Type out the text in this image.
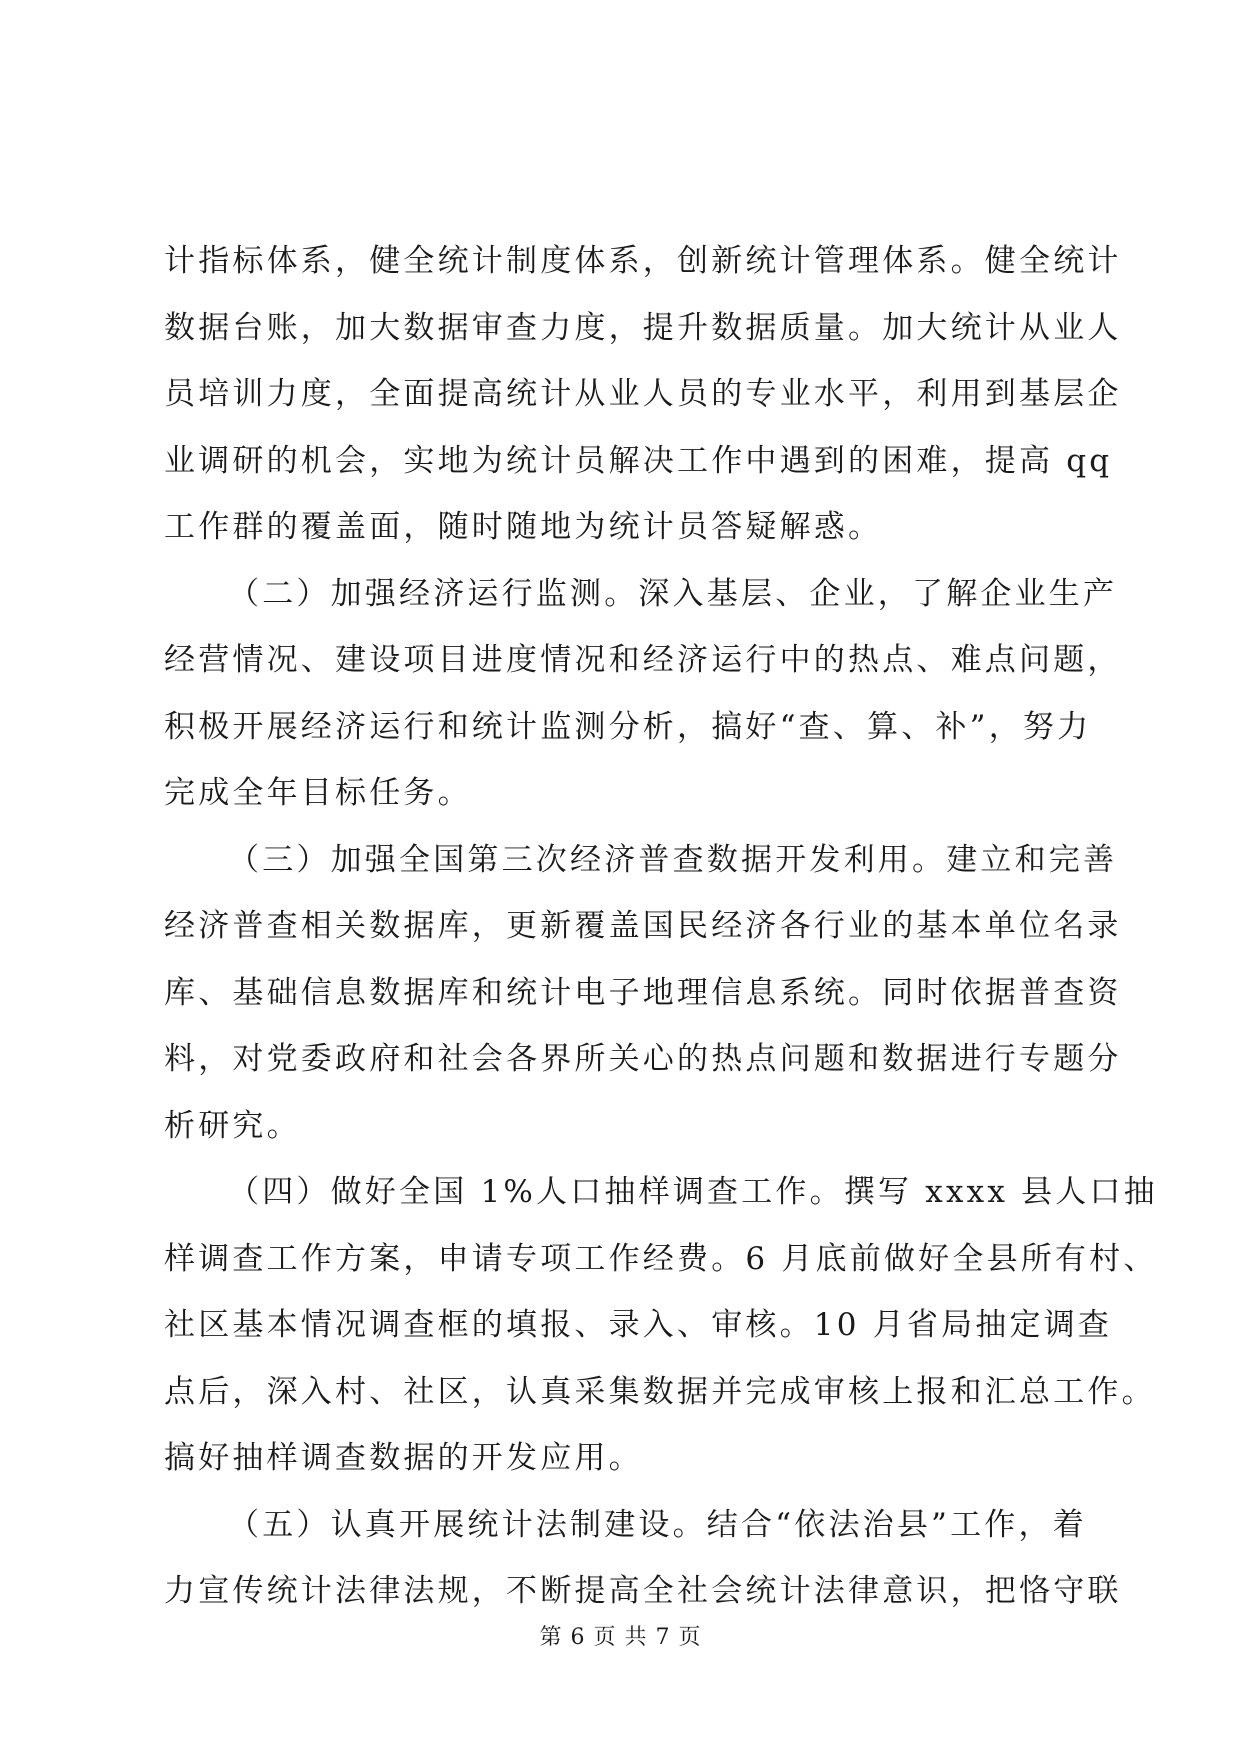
计指标体系，健全统计制度体系，创新统计管理体系。健全统计
数据台账，加大数据审查力度，提升数据质量。加大统计从业人
员培训力度，全面提高统计从业人员的专业水平，利用到基层企
业调研的机会，实地为统计员解决工作中遇到的困难，提高 qq
工作群的覆盖面，随时随地为统计员答疑解惑。
（二）加强经济运行监测。深入基层、企业，了解企业生产
经营情况、建设项目进度情况和经济运行中的热点、难点问题，
积极开展经济运行和统计监测分析，搞好“查、算、补”，努力
完成全年目标任务。
（三）加强全国第三次经济普查数据开发利用。建立和完善
经济普查相关数据库，更新覆盖国民经济各行业的基本单位名录
库、基础信息数据库和统计电子地理信息系统。同时依据普查资
料，对党委政府和社会各界所关心的热点问题和数据进行专题分
析研究。
（四）做好全国 1%人口抽样调查工作。撰写 xxxx 县人口抽
样调查工作方案，申请专项工作经费。6 月底前做好全县所有村、
社区基本情况调查框的填报、录入、审核。10 月省局抽定调查
点后，深入村、社区，认真采集数据并完成审核上报和汇总工作。
搞好抽样调查数据的开发应用。
（五）认真开展统计法制建设。结合“依法治县”工作，着
力宣传统计法律法规，不断提高全社会统计法律意识，把恪守联
第 6 页 共 7 页
